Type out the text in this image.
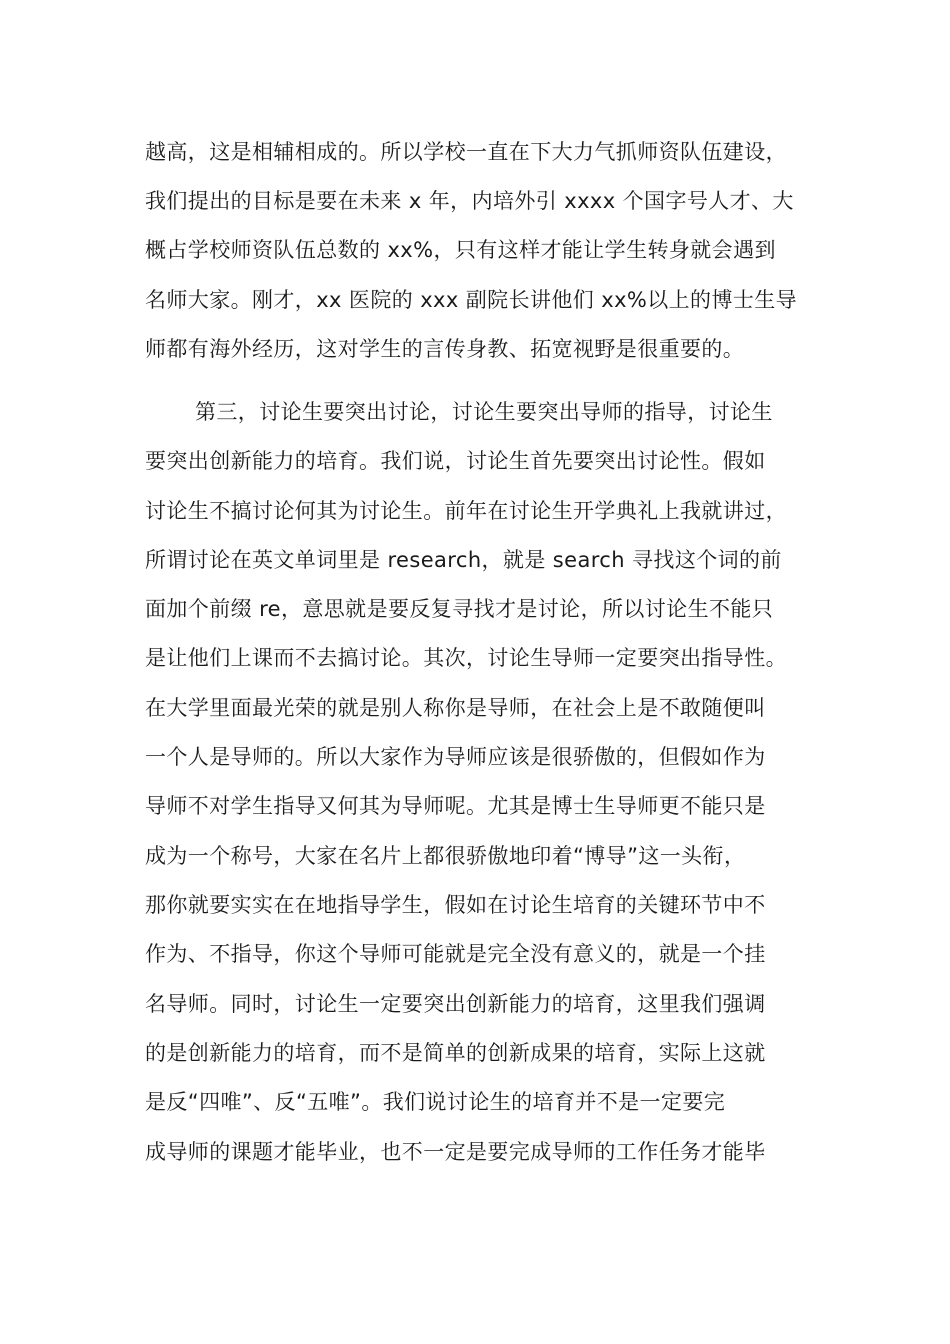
越高，这是相辅相成的。所以学校一直在下大力气抓师资队伍建设，
我们提出的目标是要在未来 x 年，内培外引 xxxx 个国字号人才、大
概占学校师资队伍总数的 xx%，只有这样才能让学生转身就会遇到
名师大家。刚才，xx 医院的 xxx 副院长讲他们 xx%以上的博士生导
师都有海外经历，这对学生的言传身教、拓宽视野是很重要的。
第三，讨论生要突出讨论，讨论生要突出导师的指导，讨论生
要突出创新能力的培育。我们说，讨论生首先要突出讨论性。假如
讨论生不搞讨论何其为讨论生。前年在讨论生开学典礼上我就讲过，
所谓讨论在英文单词里是 research，就是 search 寻找这个词的前
面加个前缀 re，意思就是要反复寻找才是讨论，所以讨论生不能只
是让他们上课而不去搞讨论。其次，讨论生导师一定要突出指导性。
在大学里面最光荣的就是别人称你是导师，在社会上是不敢随便叫
一个人是导师的。所以大家作为导师应该是很骄傲的，但假如作为
导师不对学生指导又何其为导师呢。尤其是博士生导师更不能只是
成为一个称号，大家在名片上都很骄傲地印着“博导”这一头衔，
那你就要实实在在地指导学生，假如在讨论生培育的关键环节中不
作为、不指导，你这个导师可能就是完全没有意义的，就是一个挂
名导师。同时，讨论生一定要突出创新能力的培育，这里我们强调
的是创新能力的培育，而不是简单的创新成果的培育，实际上这就
是反“四唯”、反“五唯”。我们说讨论生的培育并不是一定要完
成导师的课题才能毕业，也不一定是要完成导师的工作任务才能毕
